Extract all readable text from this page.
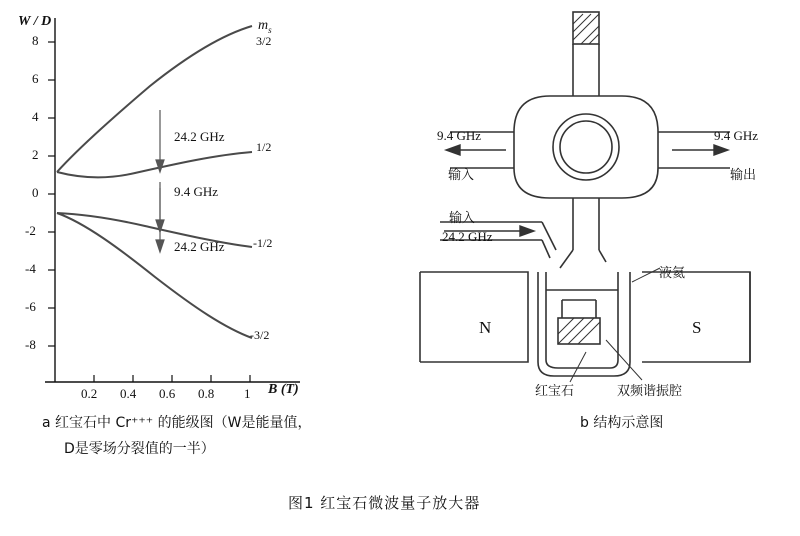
W / D
8
6
4
2
0
-2
-4
-6
-8
0.2 0.4 0.6 0.8 1 B (T)
$m_s$
3/2
1/2
-1/2
-3/2
24.2 GHz
9.4 GHz
24.2 GHz
a 红宝石中 Cr⁺⁺⁺ 的能级图（W是能量值，
D是零场分裂值的一半）
9.4 GHz
输入
9.4 GHz
输出
输入
24.2 GHz
液氦
红宝石	双频谐振腔
N	S
b 结构示意图
图1 红宝石微波量子放大器
